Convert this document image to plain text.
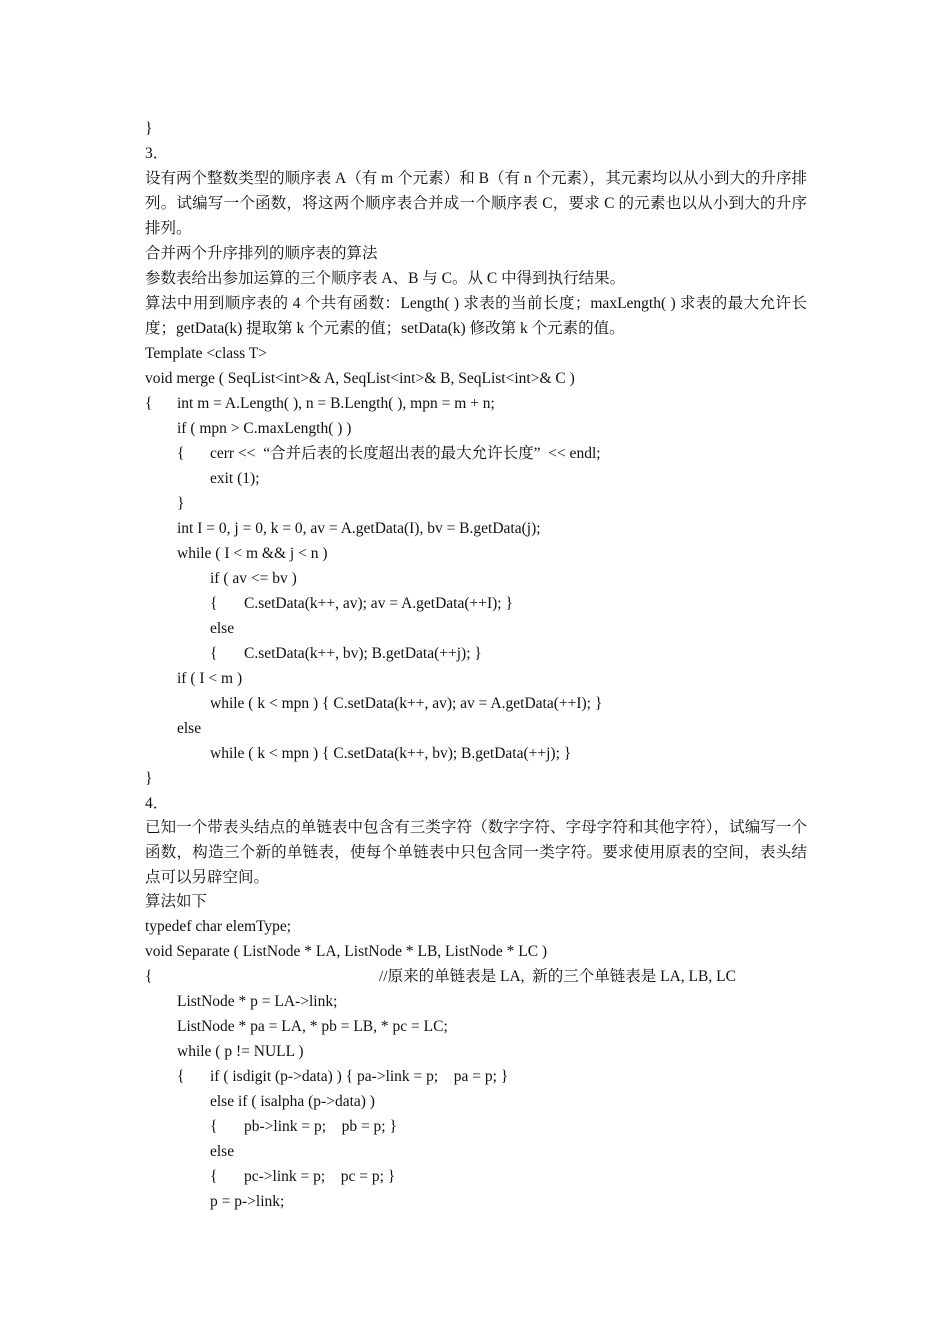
}
3．

设有两个整数类型的顺序表 A（有 m 个元素）和 B（有 n 个元素），其元素均以从小到大的升序排列。试编写一个函数，将这两个顺序表合并成一个顺序表 C，要求 C 的元素也以从小到大的升序排列。

合并两个升序排列的顺序表的算法
参数表给出参加运算的三个顺序表 A、B 与 C。从 C 中得到执行结果。

算法中用到顺序表的 4 个共有函数：Length( ) 求表的当前长度；maxLength( ) 求表的最大允许长度；getData(k) 提取第 k 个元素的值；setData(k) 修改第 k 个元素的值。

Template <class T>
void merge ( SeqList<int>& A, SeqList<int>& B, SeqList<int>& C )
{ int m = A.Length( ), n = B.Length( ), mpn = m + n;
if ( mpn > C.maxLength( ) )
{ cerr <<  “合并后表的长度超出表的最大允许长度”  << endl;
exit (1);
}
int I = 0, j = 0, k = 0, av = A.getData(I), bv = B.getData(j);
while ( I < m && j < n )
if ( av <= bv )
{ C.setData(k++, av); av = A.getData(++I); }
else
{ C.setData(k++, bv); B.getData(++j); }
if ( I < m )
while ( k < mpn ) { C.setData(k++, av); av = A.getData(++I); }
else
while ( k < mpn ) { C.setData(k++, bv); B.getData(++j); }
}
4．

已知一个带表头结点的单链表中包含有三类字符（数字字符、字母字符和其他字符），试编写一个函数，构造三个新的单链表，使每个单链表中只包含同一类字符。要求使用原表的空间，表头结点可以另辟空间。

算法如下
typedef char elemType;
void Separate ( ListNode * LA, ListNode * LB, ListNode * LC )
{	//原来的单链表是 LA,  新的三个单链表是 LA, LB, LC
ListNode * p = LA->link;
ListNode * pa = LA, * pb = LB, * pc = LC;
while ( p != NULL )
{ if ( isdigit (p->data) ) { pa->link = p;    pa = p; }
else if ( isalpha (p->data) )
{ pb->link = p;    pb = p; }
else
{ pc->link = p;    pc = p; }
p = p->link;
